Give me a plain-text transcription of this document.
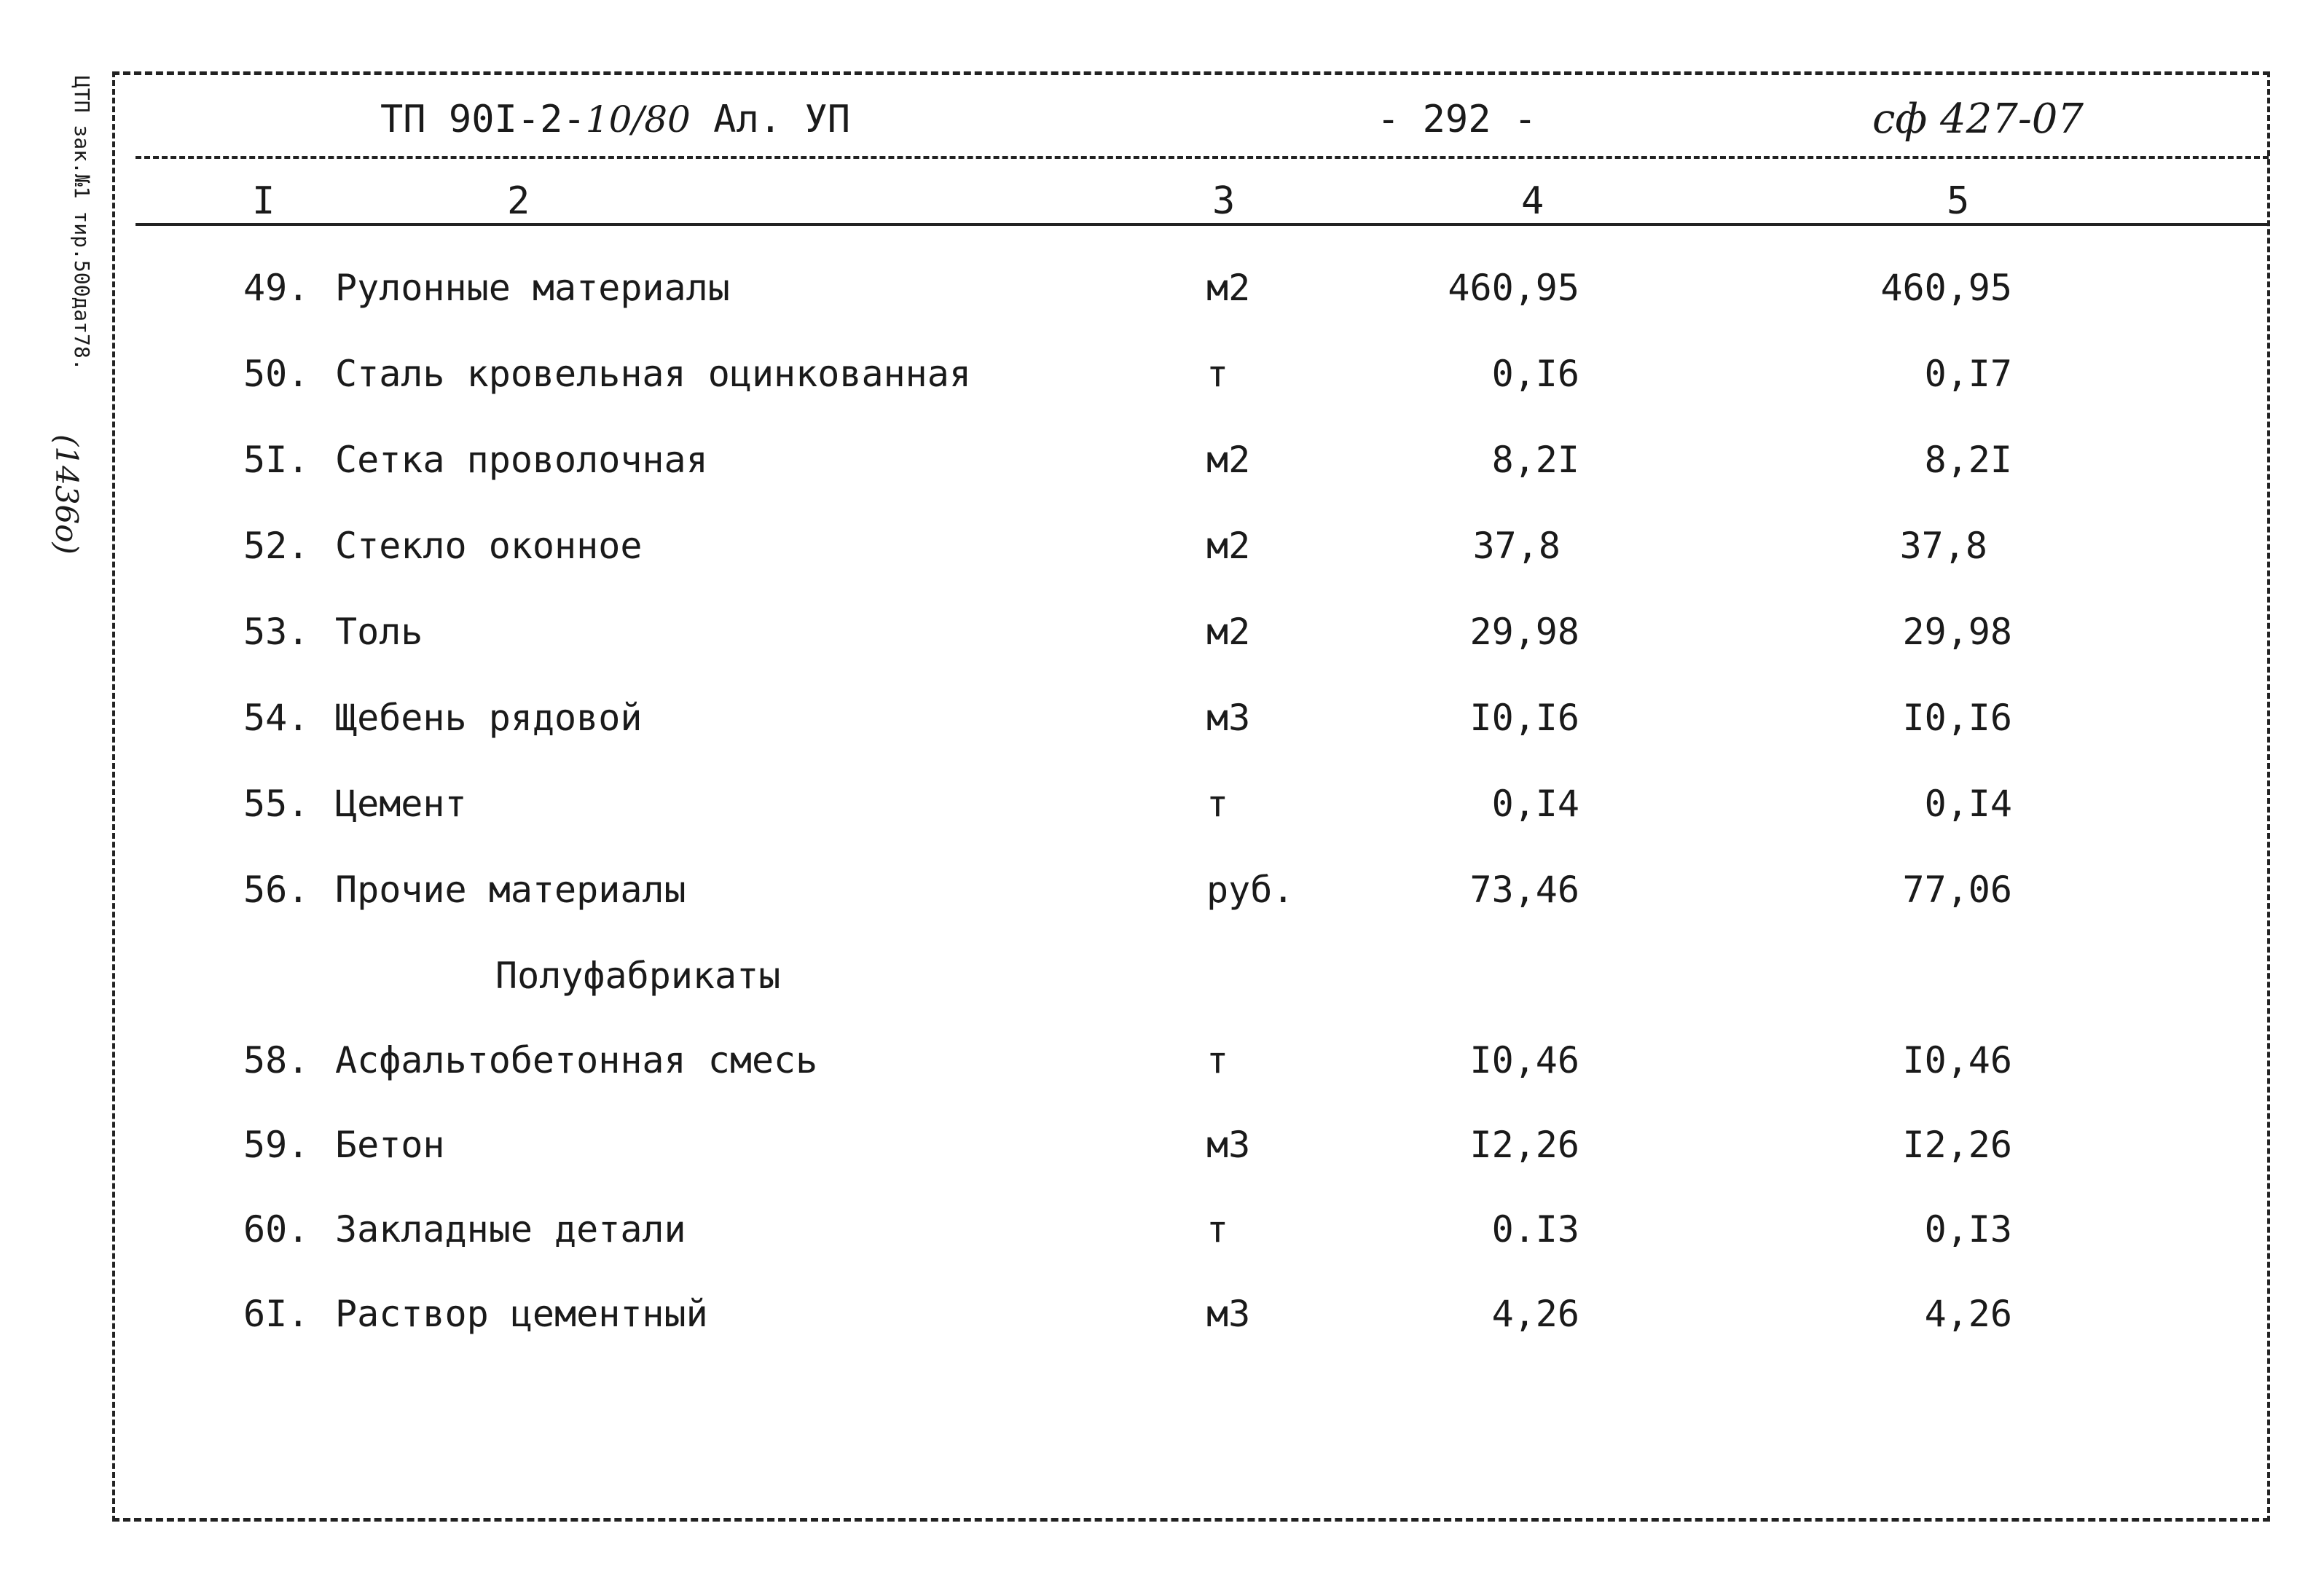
ТП 90I-2-10/80 Ал. УП	- 292 -	сф 427-07
I	2	3	4	5
49. Рулонные материалы	м2	460,95	460,95
50. Сталь кровельная оцинкованная	т	0,I6	0,I7
5I. Сетка проволочная	м2	8,2I	8,2I
52. Стекло оконное	м2	37,8	37,8
53. Толь	м2	29,98	29,98
54. Щебень рядовой	м3	I0,I6	I0,I6
55. Цемент	т	0,I4	0,I4
56. Прочие материалы	руб.	73,46	77,06
Полуфабрикаты
58. Асфальтобетонная смесь	т	I0,46	I0,46
59. Бетон	м3	I2,26	I2,26
60. Закладные детали	т	0.I3	0,I3
6I. Раствор цементный	м3	4,26	4,26
ЦТП зак.№1 тир.500дат78.
(1436о)
